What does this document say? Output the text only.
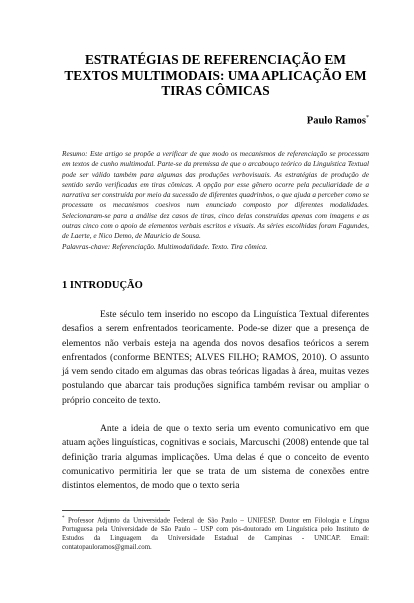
ESTRATÉGIAS DE REFERENCIAÇÃO EM TEXTOS MULTIMODAIS: UMA APLICAÇÃO EM TIRAS CÔMICAS
Paulo Ramos*

Resumo: Este artigo se propõe a verificar de que modo os mecanismos de referenciação se processam em textos de cunho multimodal. Parte-se da premissa de que o arcabouço teórico da Linguística Textual pode ser válido também para algumas das produções verbovisuais. As estratégias de produção de sentido serão verificadas em tiras cômicas. A opção por esse gênero ocorre pela peculiaridade de a narrativa ser construída por meio da sucessão de diferentes quadrinhos, o que ajuda a perceber como se processam os mecanismos coesivos num enunciado composto por diferentes modalidades. Selecionaram-se para a análise dez casos de tiras, cinco delas construídas apenas com imagens e as outras cinco com o apoio de elementos verbais escritos e visuais. As séries escolhidas foram Fagundes, de Laerte, e Nico Demo, de Mauricio de Sousa.

Palavras-chave: Referenciação. Multimodalidade. Texto. Tira cômica.

1 INTRODUÇÃO

Este século tem inserido no escopo da Linguística Textual diferentes desafios a serem enfrentados teoricamente. Pode-se dizer que a presença de elementos não verbais esteja na agenda dos novos desafios teóricos a serem enfrentados (conforme BENTES; ALVES FILHO; RAMOS, 2010). O assunto já vem sendo citado em algumas das obras teóricas ligadas à área, muitas vezes postulando que abarcar tais produções significa também revisar ou ampliar o próprio conceito de texto.

Ante a ideia de que o texto seria um evento comunicativo em que atuam ações linguísticas, cognitivas e sociais, Marcuschi (2008) entende que tal definição traria algumas implicações. Uma delas é que o conceito de evento comunicativo permitiria ler que se trata de um sistema de conexões entre distintos elementos, de modo que o texto seria

* Professor Adjunto da Universidade Federal de São Paulo – UNIFESP. Doutor em Filologia e Língua Portuguesa pela Universidade de São Paulo – USP com pós-doutorado em Linguística pelo Instituto de Estudos da Linguagem da Universidade Estadual de Campinas - UNICAP. Email: contatopauloramos@gmail.com.
